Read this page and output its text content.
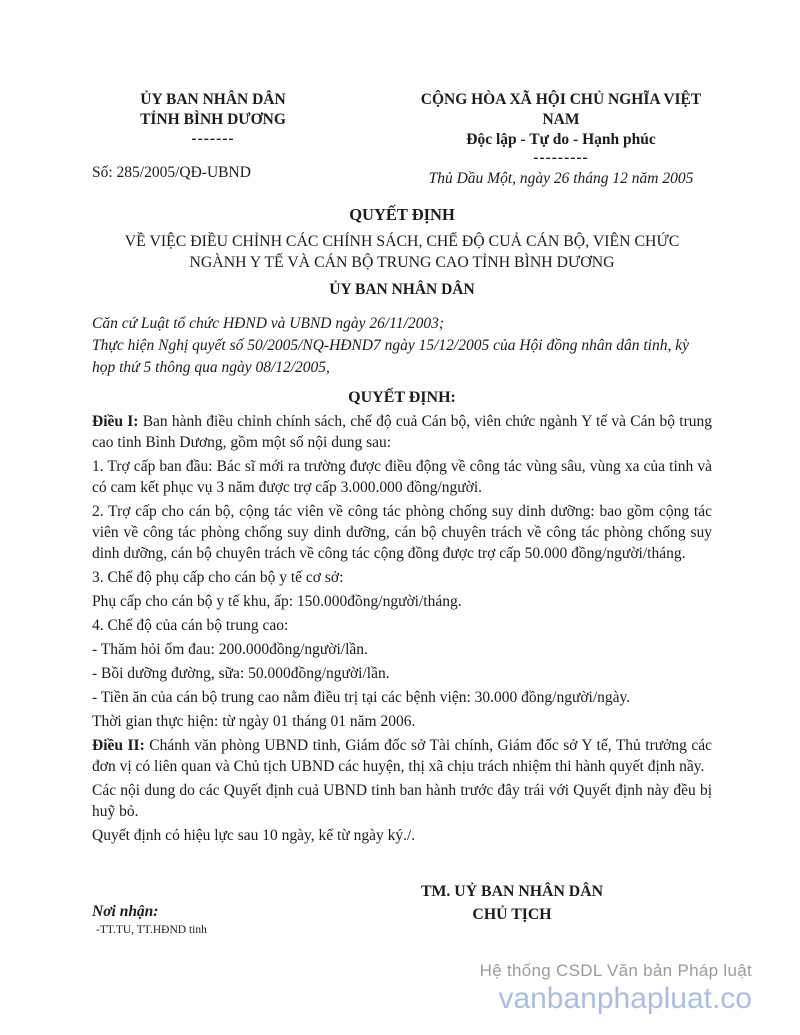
ỦY BAN NHÂN DÂN
TỈNH BÌNH DƯƠNG
-------
Số: 285/2005/QĐ-UBND
CỘNG HÒA XÃ HỘI CHỦ NGHĨA VIỆT
NAM
Độc lập - Tự do - Hạnh phúc
---------
Thủ Dầu Một, ngày 26 tháng 12 năm 2005
QUYẾT ĐỊNH
VỀ VIỆC ĐIỀU CHỈNH CÁC CHÍNH SÁCH, CHẾ ĐỘ CUẢ CÁN BỘ, VIÊN CHỨC
NGÀNH Y TẾ VÀ CÁN BỘ TRUNG CAO TỈNH BÌNH DƯƠNG
ỦY BAN NHÂN DÂN

Căn cứ Luật tổ chức HĐND và UBND ngày 26/11/2003;

Thực hiện Nghị quyết số 50/2005/NQ-HĐND7 ngày 15/12/2005 của Hội đồng nhân dân tinh, kỳ họp thứ 5 thông qua ngày 08/12/2005,

QUYẾT ĐỊNH:

Điều I: Ban hành điều chỉnh chính sách, chế độ cuả Cán bộ, viên chức ngành Y tế và Cán bộ trung cao tinh Bình Dương, gồm một số nội dung sau:

1. Trợ cấp ban đầu: Bác sĩ mới ra trường được điều động về công tác vùng sâu, vùng xa của tinh và có cam kết phục vụ 3 năm được trợ cấp 3.000.000 đồng/người.

2. Trợ cấp cho cán bộ, cộng tác viên về công tác phòng chống suy dinh dưỡng: bao gồm cộng tác viên về công tác phòng chống suy dinh dưỡng, cán bộ chuyên trách về công tác phòng chống suy dinh dưỡng, cán bộ chuyên trách về công tác cộng đồng được trợ cấp 50.000 đồng/người/tháng.

3. Chế độ phụ cấp cho cán bộ y tế cơ sở:

Phụ cấp cho cán bộ y tế khu, ấp: 150.000đồng/người/tháng.

4. Chế độ của cán bộ trung cao:

- Thăm hỏi ốm đau: 200.000đồng/người/lần.

- Bồi dưỡng đường, sữa: 50.000đồng/người/lần.

- Tiền ăn của cán bộ trung cao nằm điều trị tại các bệnh viện: 30.000 đồng/người/ngày.

Thời gian thực hiện: từ ngày 01 tháng 01 năm 2006.

Điều II: Chánh văn phòng UBND tinh, Giám đốc sở Tài chính, Giám đốc sở Y tế, Thủ trưởng các đơn vị có liên quan và Chủ tịch UBND các huyện, thị xã chịu trách nhiệm thi hành quyết định nầy.

Các nội dung do các Quyết định cuả UBND tinh ban hành trước đây trái với Quyết định này đều bị huỹ bỏ.

Quyết định có hiệu lực sau 10 ngày, kể từ ngày ký./.

TM. UỶ BAN NHÂN DÂN
CHỦ TỊCH
Nơi nhận:
-TT.TU, TT.HĐND tinh
Hệ thống CSDL Văn bản Pháp luật
vanbanphapluat.co
